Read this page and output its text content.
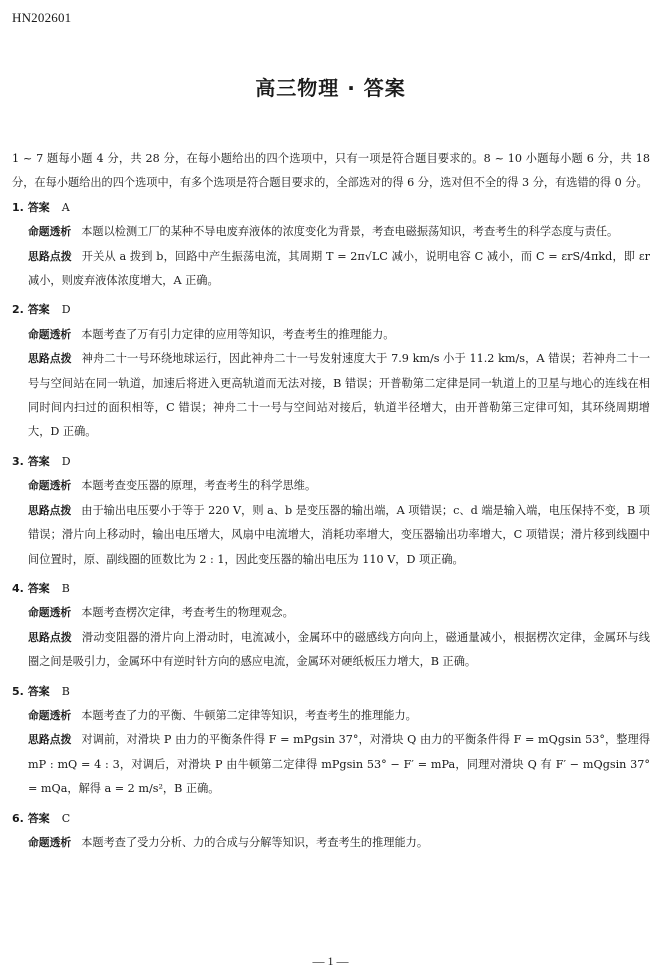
HN202601
高三物理 · 答案

1 ~ 7 题每小题 4 分，共 28 分，在每小题给出的四个选项中，只有一项是符合题目要求的。8 ~ 10 小题每小题 6 分，共 18 分，在每小题给出的四个选项中，有多个选项是符合题目要求的，全部选对的得 6 分，选对但不全的得 3 分，有选错的得 0 分。

1. 答案 A

命题透析 本题以检测工厂的某种不导电废弃液体的浓度变化为背景，考查电磁振荡知识，考查考生的科学态度与责任。

思路点拨 开关从 a 拨到 b，回路中产生振荡电流，其周期 T = 2π√LC 减小，说明电容 C 减小，而 C = εrS/4πkd，即 εr 减小，则废弃液体浓度增大，A 正确。

2. 答案 D

命题透析 本题考查了万有引力定律的应用等知识，考查考生的推理能力。

思路点拨 神舟二十一号环绕地球运行，因此神舟二十一号发射速度大于 7.9 km/s 小于 11.2 km/s，A 错误；若神舟二十一号与空间站在同一轨道，加速后将进入更高轨道而无法对接，B 错误；开普勒第二定律是同一轨道上的卫星与地心的连线在相同时间内扫过的面积相等，C 错误；神舟二十一号与空间站对接后，轨道半径增大，由开普勒第三定律可知，其环绕周期增大，D 正确。

3. 答案 D

命题透析 本题考查变压器的原理，考查考生的科学思维。

思路点拨 由于输出电压要小于等于 220 V，则 a、b 是变压器的输出端，A 项错误；c、d 端是输入端，电压保持不变，B 项错误；滑片向上移动时，输出电压增大，风扇中电流增大，消耗功率增大，变压器输出功率增大，C 项错误；滑片移到线圈中间位置时，原、副线圈的匝数比为 2 : 1，因此变压器的输出电压为 110 V，D 项正确。

4. 答案 B

命题透析 本题考查楞次定律，考查考生的物理观念。

思路点拨 滑动变阻器的滑片向上滑动时，电流减小，金属环中的磁感线方向向上，磁通量减小，根据楞次定律，金属环与线圈之间是吸引力，金属环中有逆时针方向的感应电流，金属环对硬纸板压力增大，B 正确。

5. 答案 B

命题透析 本题考查了力的平衡、牛顿第二定律等知识，考查考生的推理能力。

思路点拨 对调前，对滑块 P 由力的平衡条件得 F = mPgsin 37°，对滑块 Q 由力的平衡条件得 F = mQgsin 53°，整理得 mP : mQ = 4 : 3，对调后，对滑块 P 由牛顿第二定律得 mPgsin 53° − F′ = mPa，同理对滑块 Q 有 F′ − mQgsin 37° = mQa，解得 a = 2 m/s²，B 正确。

6. 答案 C

命题透析 本题考查了受力分析、力的合成与分解等知识，考查考生的推理能力。

— 1 —
